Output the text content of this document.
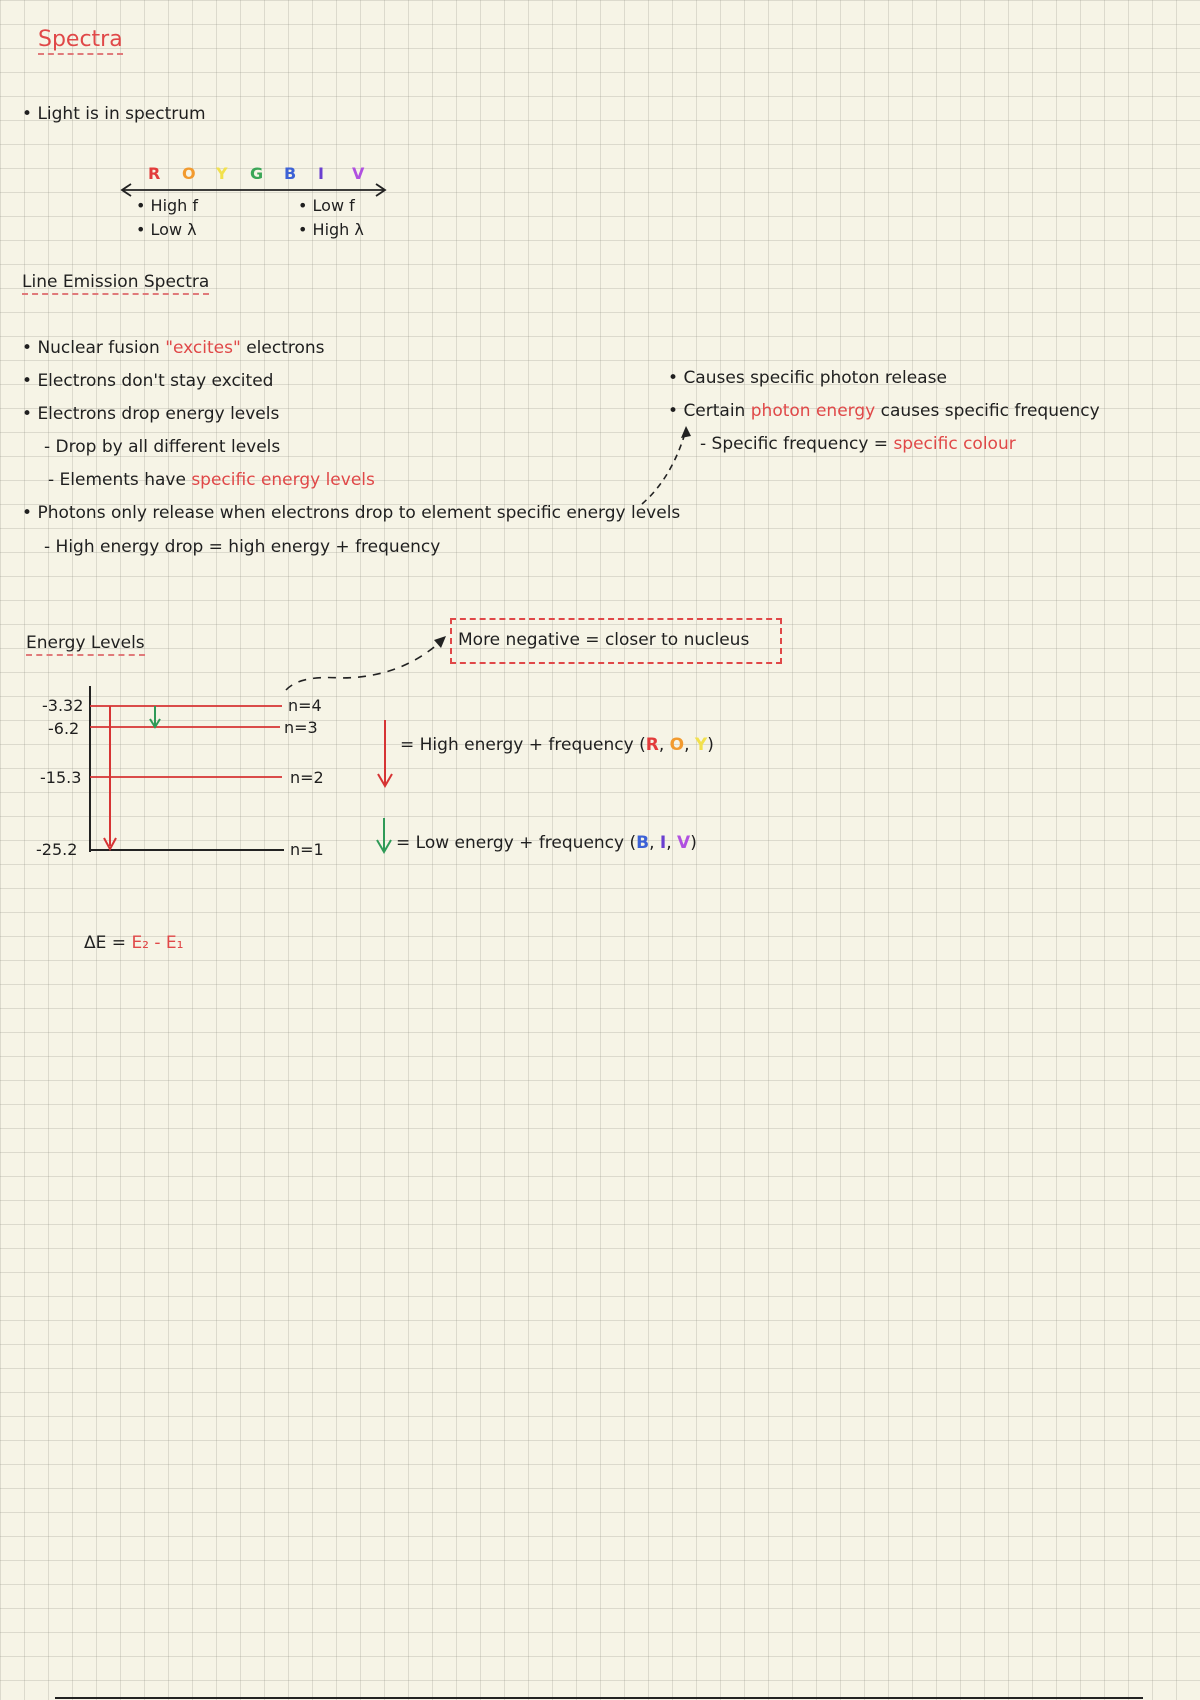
Spectra
• Light is in spectrum
R O Y G B I V
• High f
• Low λ
• Low f
• High λ
Line Emission Spectra
• Nuclear fusion "excites" electrons
• Electrons don't stay excited
• Electrons drop energy levels
- Drop by all different levels
- Elements have specific energy levels
• Photons only release when electrons drop to element specific energy levels
- High energy drop = high energy + frequency
• Causes specific photon release
• Certain photon energy causes specific frequency
- Specific frequency = specific colour
Energy Levels	More negative = closer to nucleus
-3.32
-6.2
-15.3
-25.2
n=4
n=3
n=2
n=1
= High energy + frequency (R, O, Y)
= Low energy + frequency (B, I, V)
ΔE = E₂ - E₁
